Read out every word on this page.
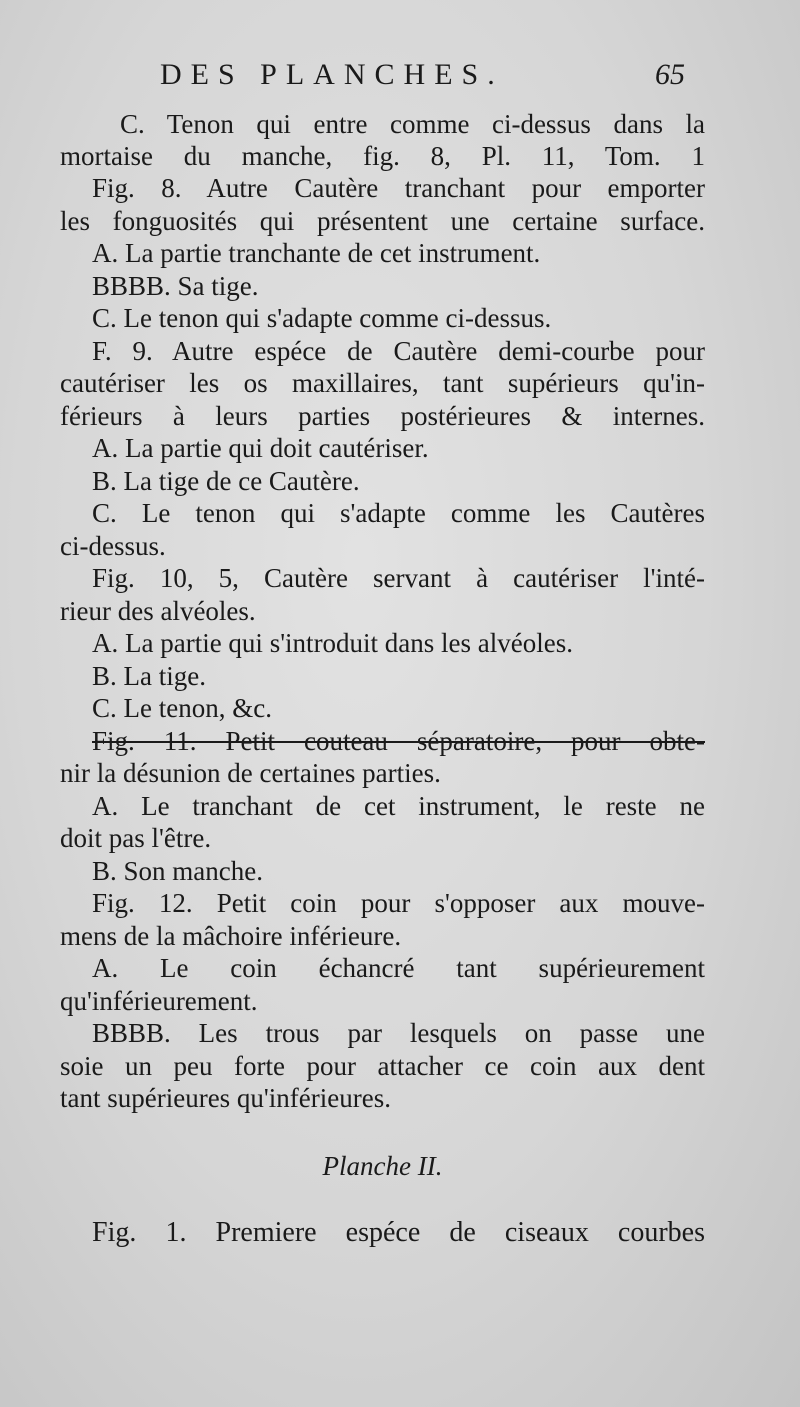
DES PLANCHES.	65
C. Tenon qui entre comme ci-dessus dans la
mortaise du manche, fig. 8, Pl. 11, Tom. 1
Fig. 8. Autre Cautère tranchant pour emporter
les fonguosités qui présentent une certaine surface.
A. La partie tranchante de cet instrument.
BBBB. Sa tige.
C. Le tenon qui s'adapte comme ci-dessus.
F. 9. Autre espéce de Cautère demi-courbe pour
cautériser les os maxillaires, tant supérieurs qu'in-
férieurs à leurs parties postérieures & internes.
A. La partie qui doit cautériser.
B. La tige de ce Cautère.
C. Le tenon qui s'adapte comme les Cautères
ci-dessus.
Fig. 10, 5, Cautère servant à cautériser l'inté-
rieur des alvéoles.
A. La partie qui s'introduit dans les alvéoles.
B. La tige.
C. Le tenon, &c.
Fig. 11. Petit couteau séparatoire, pour obte-
nir la désunion de certaines parties.
A. Le tranchant de cet instrument, le reste ne
doit pas l'être.
B. Son manche.
Fig. 12. Petit coin pour s'opposer aux mouve-
mens de la mâchoire inférieure.
A. Le coin échancré tant supérieurement
qu'inférieurement.
BBBB. Les trous par lesquels on passe une
soie un peu forte pour attacher ce coin aux dent
tant supérieures qu'inférieures.
Planche II.
Fig. 1. Premiere espéce de ciseaux courbes
